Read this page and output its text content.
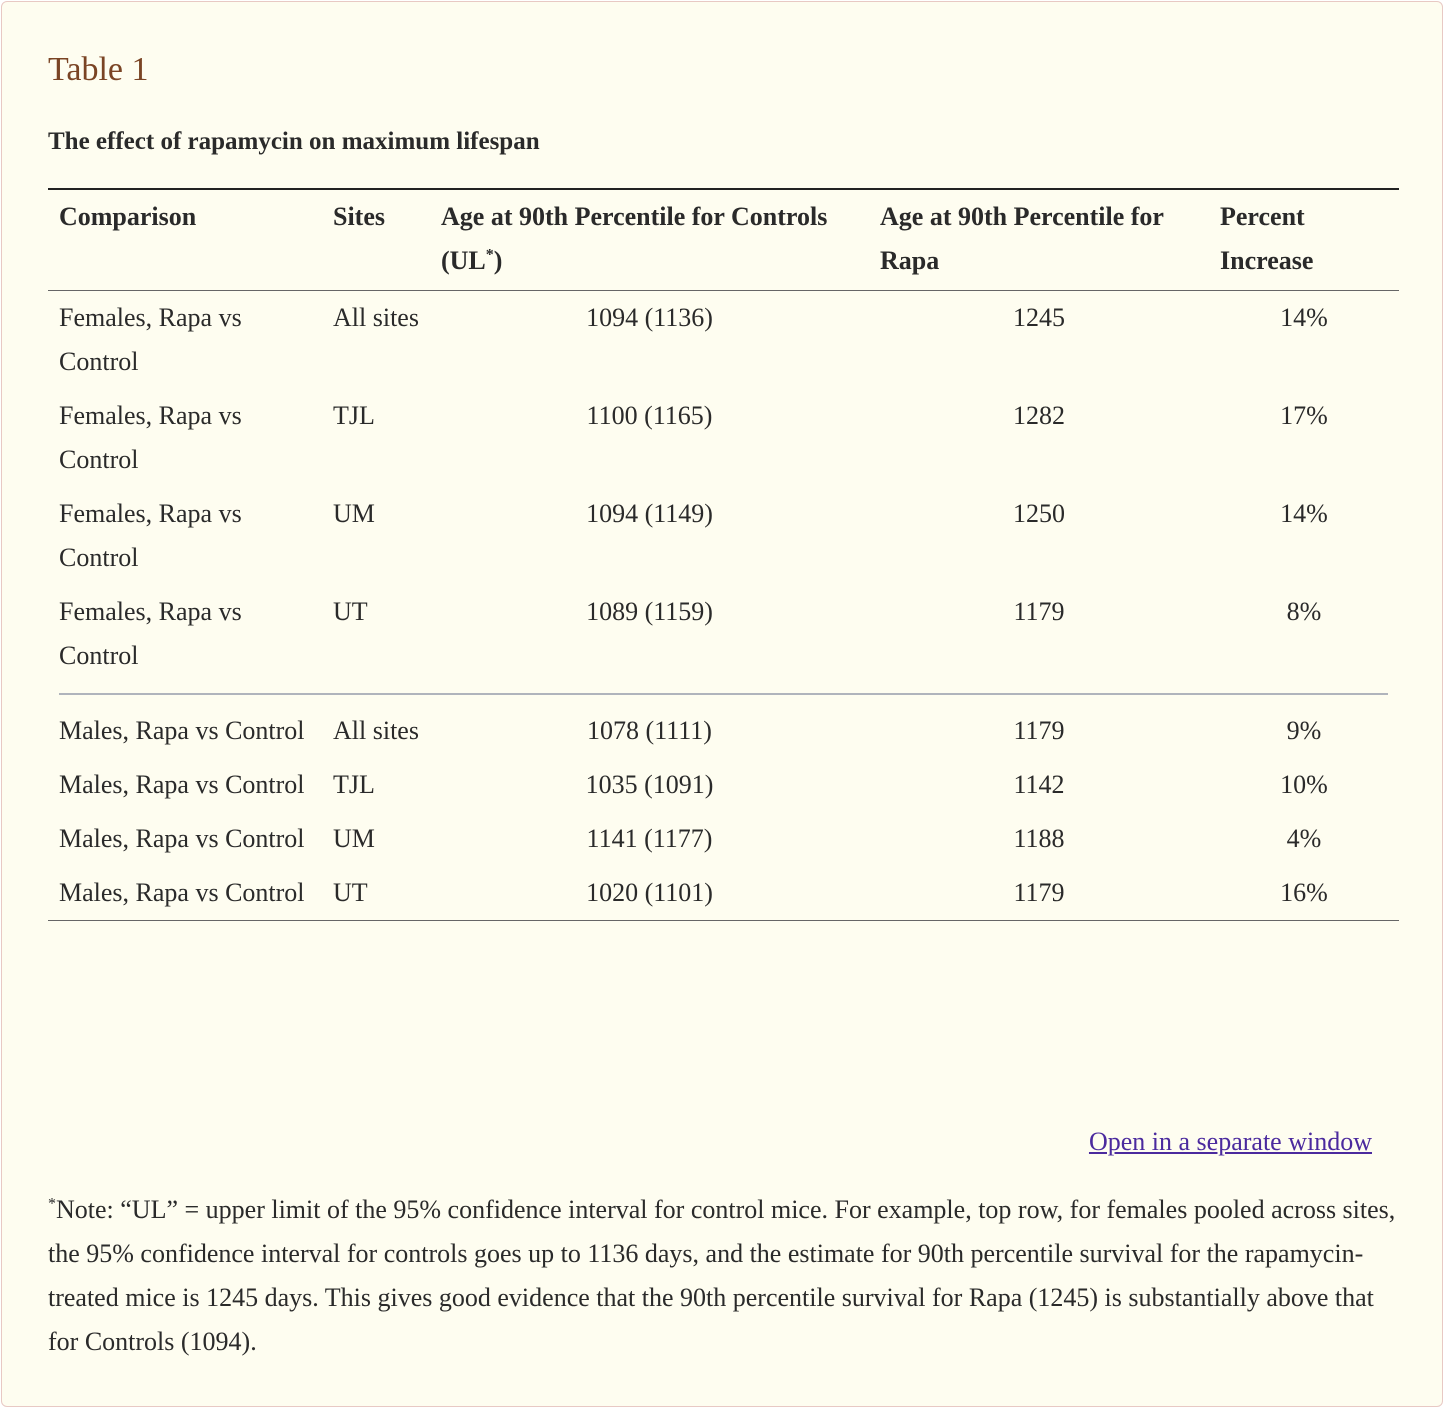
Table 1
The effect of rapamycin on maximum lifespan
Comparison	Sites	Age at 90th Percentile for Controls (UL*)	Age at 90th Percentile for Rapa	Percent Increase
Females, Rapa vs Control	All sites	1094 (1136)	1245	14%
Females, Rapa vs Control	TJL	1100 (1165)	1282	17%
Females, Rapa vs Control	UM	1094 (1149)	1250	14%
Females, Rapa vs Control	UT	1089 (1159)	1179	8%

Males, Rapa vs Control	All sites	1078 (1111)	1179	9%
Males, Rapa vs Control	TJL	1035 (1091)	1142	10%
Males, Rapa vs Control	UM	1141 (1177)	1188	4%
Males, Rapa vs Control	UT	1020 (1101)	1179	16%
Open in a separate window
*Note: “UL” = upper limit of the 95% confidence interval for control mice. For example, top row, for females pooled across sites, the 95% confidence interval for controls goes up to 1136 days, and the estimate for 90th percentile survival for the rapamycin-treated mice is 1245 days. This gives good evidence that the 90th percentile survival for Rapa (1245) is substantially above that for Controls (1094).
